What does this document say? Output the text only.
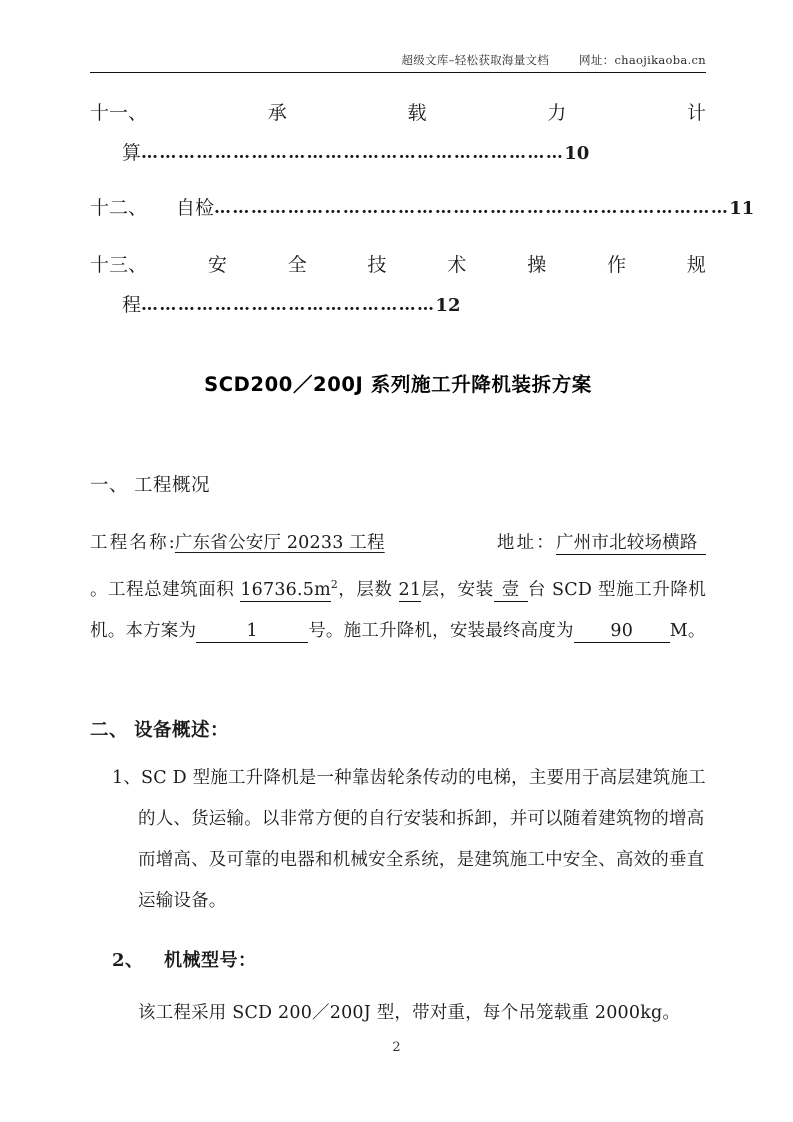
超级文库–轻松获取海量文档	网址：chaojikaoba.cn
十一、	承	载	力	计
算……………………………………………………………10
十二、 自检…………………………………………………………………………11
十三、	安	全	技	术	操	作	规
程…………………………………………12
SCD200／200J 系列施工升降机装拆方案
一、 工程概况
工程名称:广东省公安厅 20233 工程	地址：广州市北较场横路。工程总建筑面积 $16736.5m^2$，层数 21层，安装 壹 台 SCD 型施工升降机机。本方案为	1	号。施工升降机，安装最终高度为 90 M。
二、 设备概述：
1、SC D 型施工升降机是一种靠齿轮条传动的电梯，主要用于高层建筑施工的人、货运输。以非常方便的自行安装和拆卸，并可以随着建筑物的增高而增高、及可靠的电器和机械安全系统，是建筑施工中安全、高效的垂直运输设备。
2、 机械型号：
该工程采用 SCD 200／200J 型，带对重，每个吊笼载重 2000kg。
2
